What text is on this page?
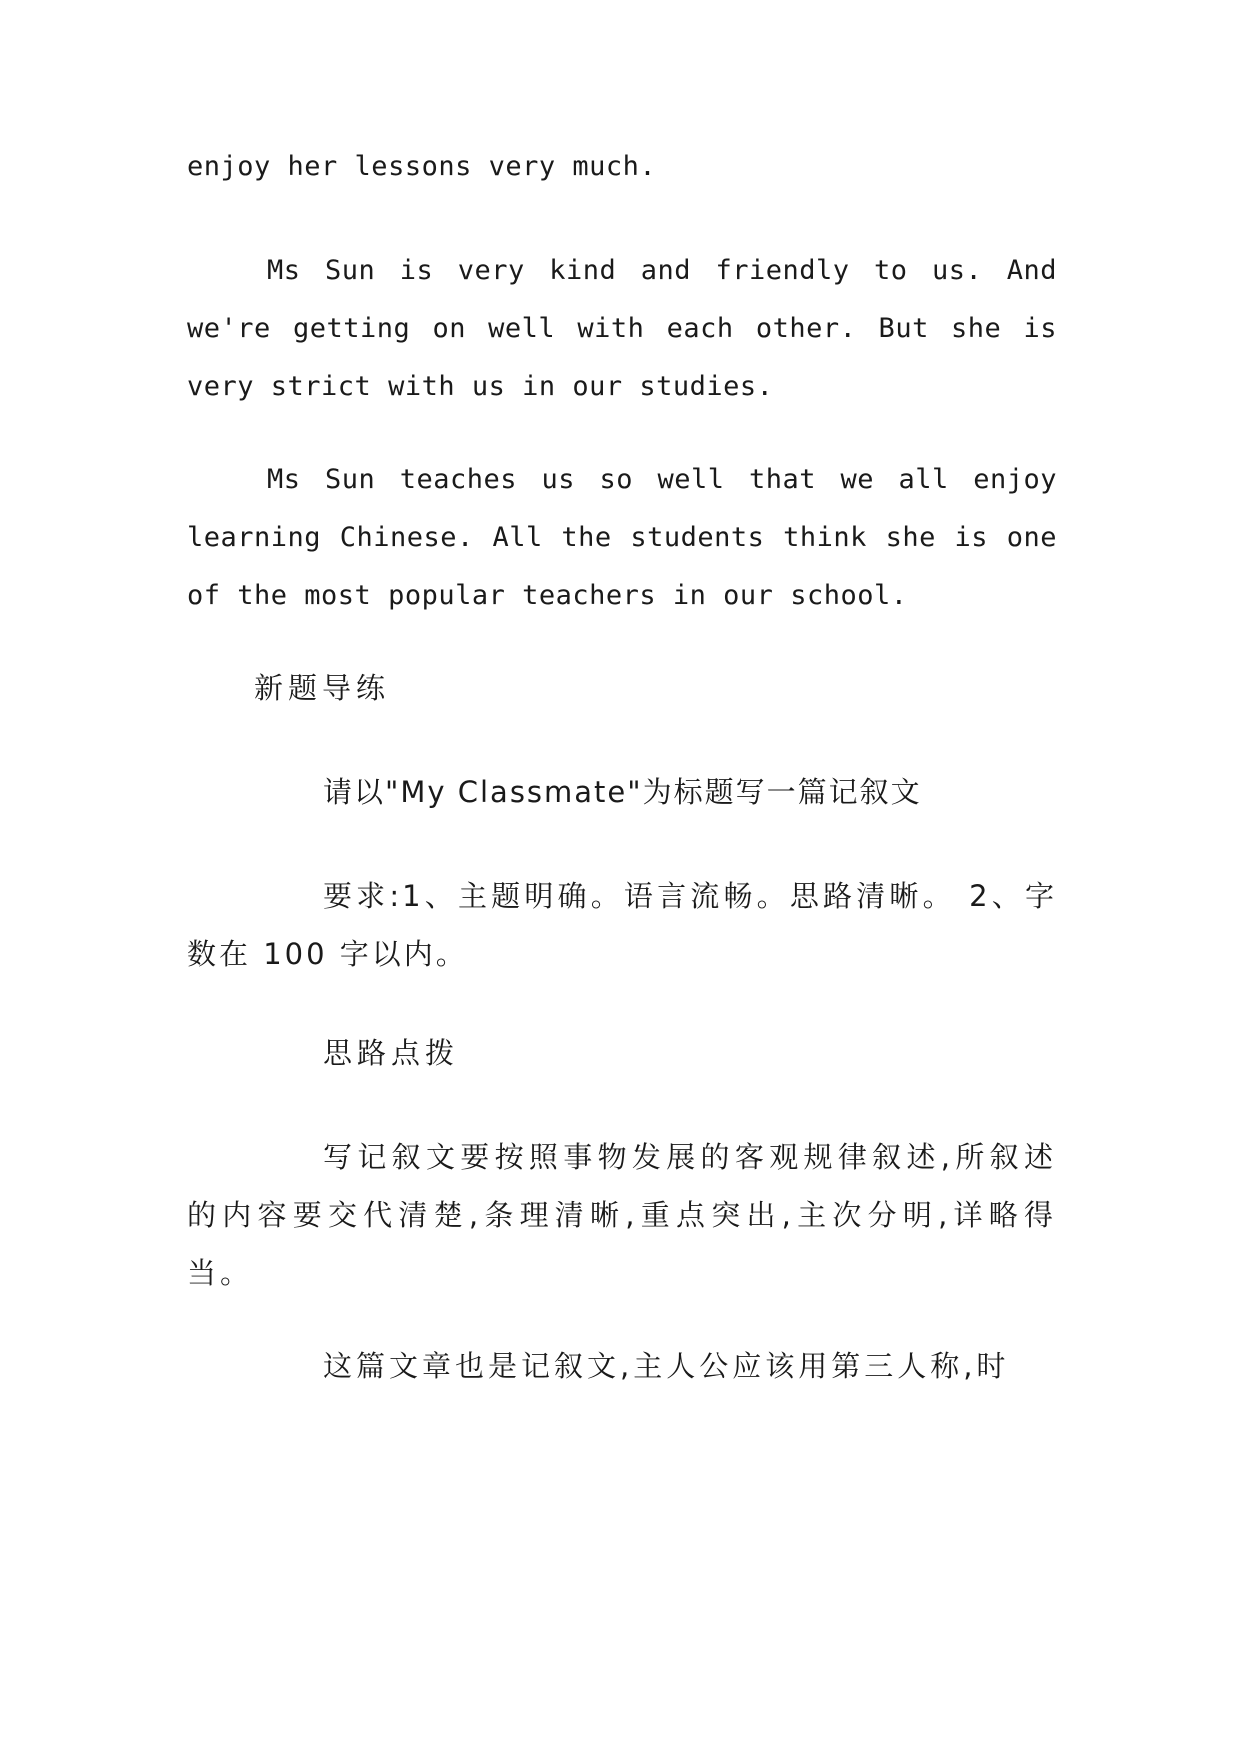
enjoy her lessons very much.

Ms Sun is very kind and friendly to us. And we're getting on well with each other. But she is very strict with us in our studies.

Ms Sun teaches us so well that we all enjoy learning Chinese. All the students think she is one of the most popular teachers in our school.

新题导练

请以"My Classmate"为标题写一篇记叙文

要求:1、主题明确。语言流畅。思路清晰。 2、字数在 100 字以内。

思路点拨

写记叙文要按照事物发展的客观规律叙述,所叙述的内容要交代清楚,条理清晰,重点突出,主次分明,详略得当。

这篇文章也是记叙文,主人公应该用第三人称,时
